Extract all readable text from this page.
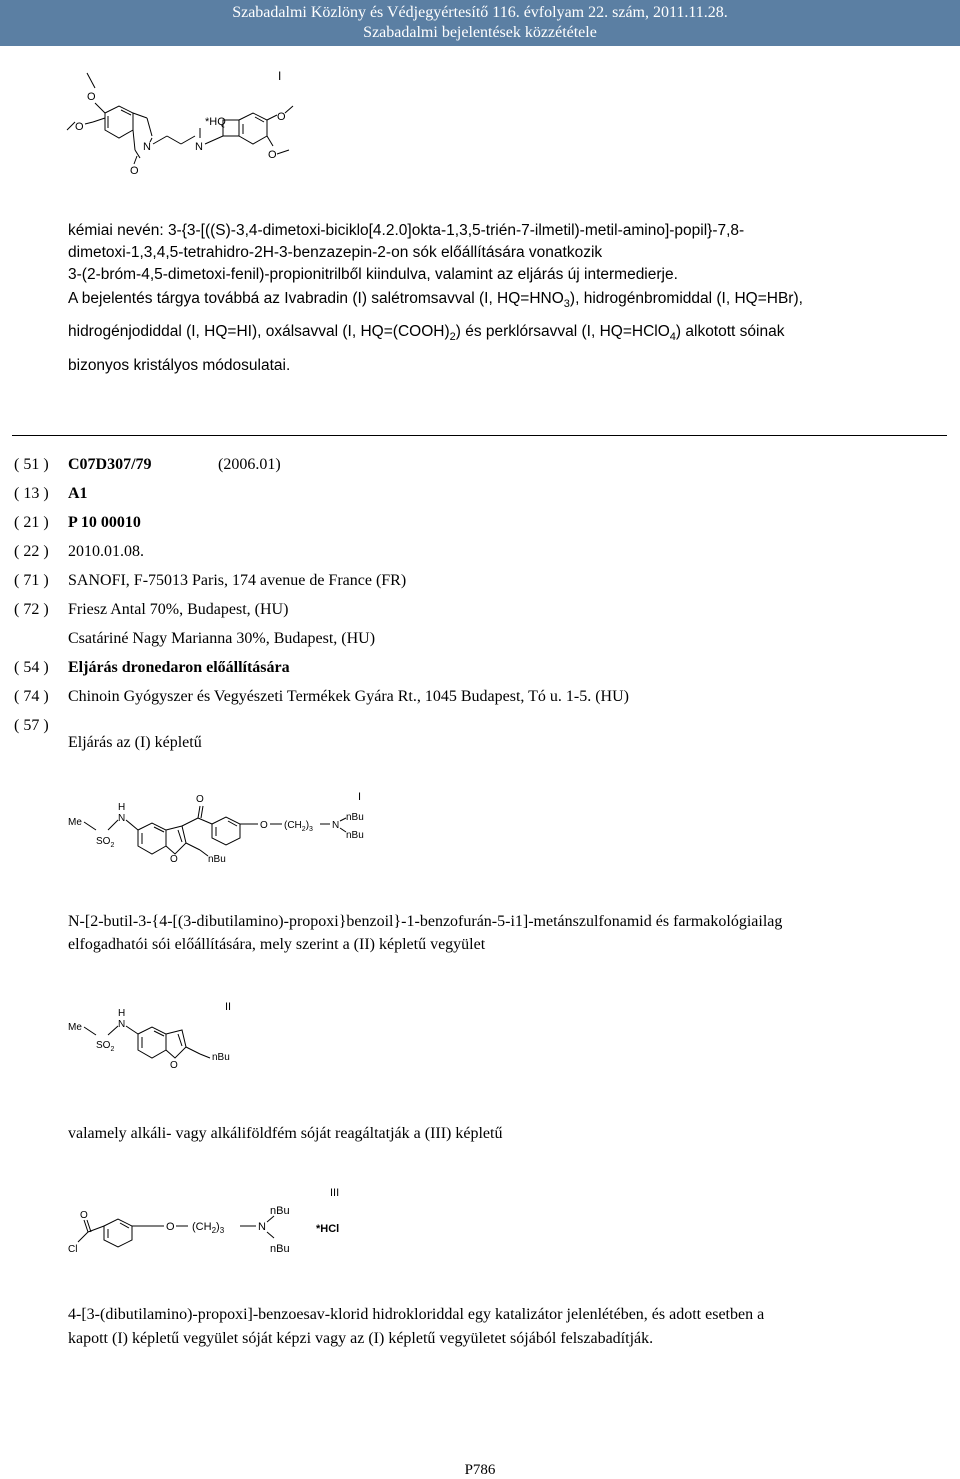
Szabadalmi Közlöny és Védjegyértesítő 116. évfolyam 22. szám, 2011.11.28.
Szabadalmi bejelentések közzététele
I
O
O
N
O
N
*HQ	O
O
kémiai nevén: 3-{3-[((S)-3,4-dimetoxi-biciklo[4.2.0]okta-1,3,5-trién-7-ilmetil)-metil-amino]-popil}-7,8-
dimetoxi-1,3,4,5-tetrahidro-2H-3-benzazepin-2-on sók előállítására vonatkozik
3-(2-bróm-4,5-dimetoxi-fenil)-propionitrilből kiindulva, valamint az eljárás új intermedierje.
A bejelentés tárgya továbbá az Ivabradin (I) salétromsavval (I, $HQ=HNO_3$), hidrogénbromiddal (I, HQ=HBr),
hidrogénjodiddal (I, HQ=HI), oxálsavval (I, $HQ=(COOH)_2$) és perklórsavval (I, HQ=HClO$_4$) alkotott sóinak
bizonyos kristályos módosulatai.
( 51 ) C07D307/79	(2006.01)
( 13 ) A1
( 21 ) P 10 00010
( 22 ) 2010.01.08.
( 71 ) SANOFI, F-75013 Paris, 174 avenue de France (FR)
( 72 ) Friesz Antal 70%, Budapest, (HU)
Csatáriné Nagy Marianna 30%, Budapest, (HU)
( 54 ) Eljárás dronedaron előállítására
( 74 ) Chinoin Gyógyszer és Vegyészeti Termékek Gyára Rt., 1045 Budapest, Tó u. 1-5. (HU)
( 57 )
Eljárás az (I) képletű
I
Me
$SO_2$
H
N
O	nBu
O
O $(CH_2)_3$ N
nBu
nBu
N-[2-butil-3-{4-[(3-dibutilamino)-propoxi}benzoil}-1-benzofurán-5-i1]-metánszulfonamid és farmakológiailag
elfogadhatói sói előállítására, mely szerint a (II) képletű vegyület
II
Me
$SO_2$
H
N
O
nBu
valamely alkáli- vagy alkáliföldfém sóját reagáltatják a (III) képletű
III
O
Cl
O $(CH_2)_3$	N
nBu
nBu
*HCl
4-[3-(dibutilamino)-propoxi]-benzoesav-klorid hidrokloriddal egy katalizátor jelenlétében, és adott esetben a
kapott (I) képletű vegyület sóját képzi vagy az (I) képletű vegyületet sójából felszabadítják.
P786
